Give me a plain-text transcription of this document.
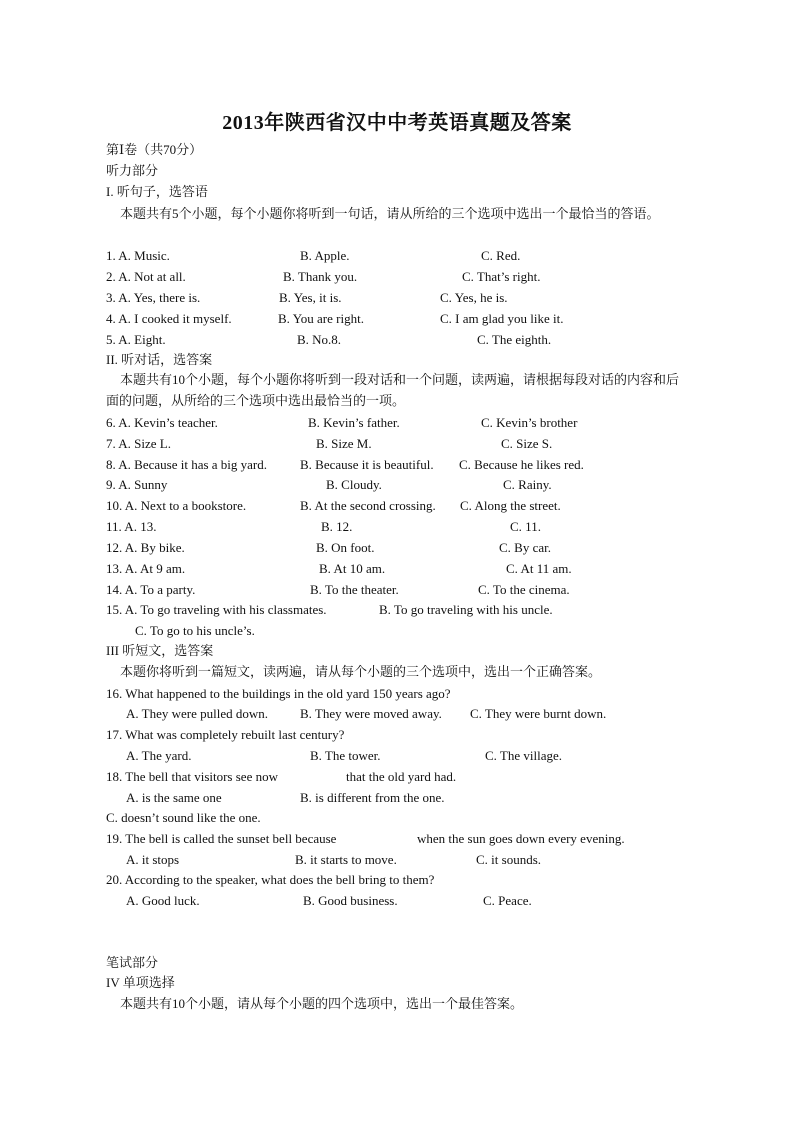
2013年陕西省汉中中考英语真题及答案
第Ⅰ卷（共70分）
听力部分
I. 听句子，选答语
本题共有5个小题，每个小题你将听到一句话，请从所给的三个选项中选出一个最恰当的答语。
1. A. Music.	B. Apple.	C. Red.
2. A. Not at all.	B. Thank you.	C. That’s right.
3. A. Yes, there is.	B. Yes, it is.	C. Yes, he is.
4. A. I cooked it myself.	B. You are right.	C. I am glad you like it.
5. A. Eight.	B. No.8.	C. The eighth.
II. 听对话，选答案
本题共有10个小题，每个小题你将听到一段对话和一个问题，读两遍，请根据每段对话的内容和后面的问题，从所给的三个选项中选出最恰当的一项。
6. A. Kevin’s teacher.	B. Kevin’s father.	C. Kevin’s brother
7. A. Size L.	B. Size M.	C. Size S.
8. A. Because it has a big yard.	B. Because it is beautiful. C. Because he likes red.
9. A. Sunny	B. Cloudy.	C. Rainy.
10. A. Next to a bookstore.	B. At the second crossing. C. Along the street.
11. A. 13.	B. 12.	C. 11.
12. A. By bike.	B. On foot.	C. By car.
13. A. At 9 am.	B. At 10 am.	C. At 11 am.
14. A. To a party.	B. To the theater.	C. To the cinema.
15. A. To go traveling with his classmates.	B. To go traveling with his uncle.
C. To go to his uncle’s.
III 听短文，选答案
本题你将听到一篇短文，读两遍，请从每个小题的三个选项中，选出一个正确答案。
16. What happened to the buildings in the old yard 150 years ago?
A. They were pulled down. B. They were moved away. C. They were burnt down.
17. What was completely rebuilt last century?
A. The yard.	B. The tower.	C. The village.
18. The bell that visitors see now	that the old yard had.
A. is the same one	B. is different from the one.
C. doesn’t sound like the one.
19. The bell is called the sunset bell because	when the sun goes down every evening.
A. it stops	B. it starts to move.	C. it sounds.
20. According to the speaker, what does the bell bring to them?
A. Good luck.	B. Good business.	C. Peace.
笔试部分
IV 单项选择
本题共有10个小题，请从每个小题的四个选项中，选出一个最佳答案。
